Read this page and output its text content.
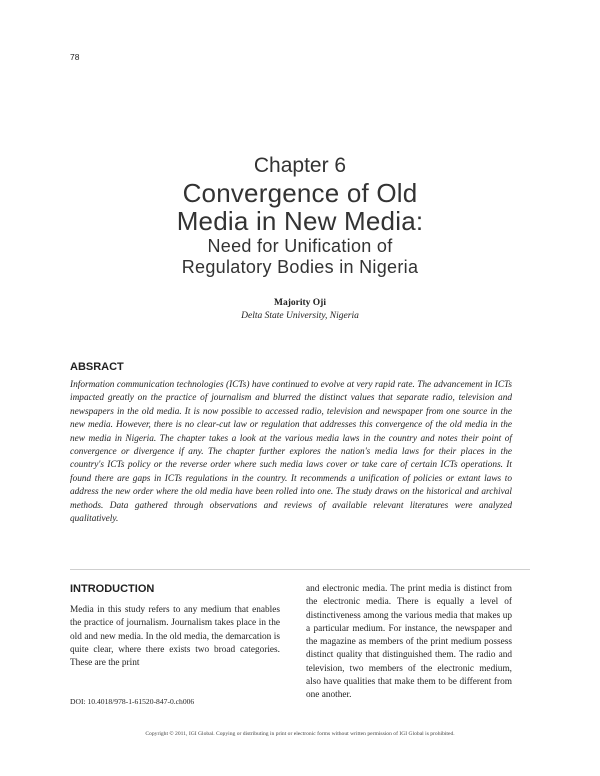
78
Chapter 6
Convergence of Old
Media in New Media:
Need for Unification of
Regulatory Bodies in Nigeria
Majority Oji
Delta State University, Nigeria
ABSRACT
Information communication technologies (ICTs) have continued to evolve at very rapid rate. The advancement in ICTs impacted greatly on the practice of journalism and blurred the distinct values that separate radio, television and newspapers in the old media. It is now possible to accessed radio, television and newspaper from one source in the new media. However, there is no clear-cut law or regulation that addresses this convergence of the old media in the new media in Nigeria. The chapter takes a look at the various media laws in the country and notes their point of convergence or divergence if any. The chapter further explores the nation's media laws for their places in the country's ICTs policy or the reverse order where such media laws cover or take care of certain ICTs operations. It found there are gaps in ICTs regulations in the country. It recommends a unification of policies or extant laws to address the new order where the old media have been rolled into one. The study draws on the historical and archival methods. Data gathered through observations and reviews of available relevant literatures were analyzed qualitatively.
INTRODUCTION
Media in this study refers to any medium that enables the practice of journalism. Journalism takes place in the old and new media. In the old media, the demarcation is quite clear, where there exists two broad categories. These are the print
and electronic media. The print media is distinct from the electronic media. There is equally a level of distinctiveness among the various media that makes up a particular medium. For instance, the newspaper and the magazine as members of the print medium possess distinct quality that distinguished them. The radio and television, two members of the electronic medium, also have qualities that make them to be different from one another.
DOI: 10.4018/978-1-61520-847-0.ch006
Copyright © 2011, IGI Global. Copying or distributing in print or electronic forms without written permission of IGI Global is prohibited.
